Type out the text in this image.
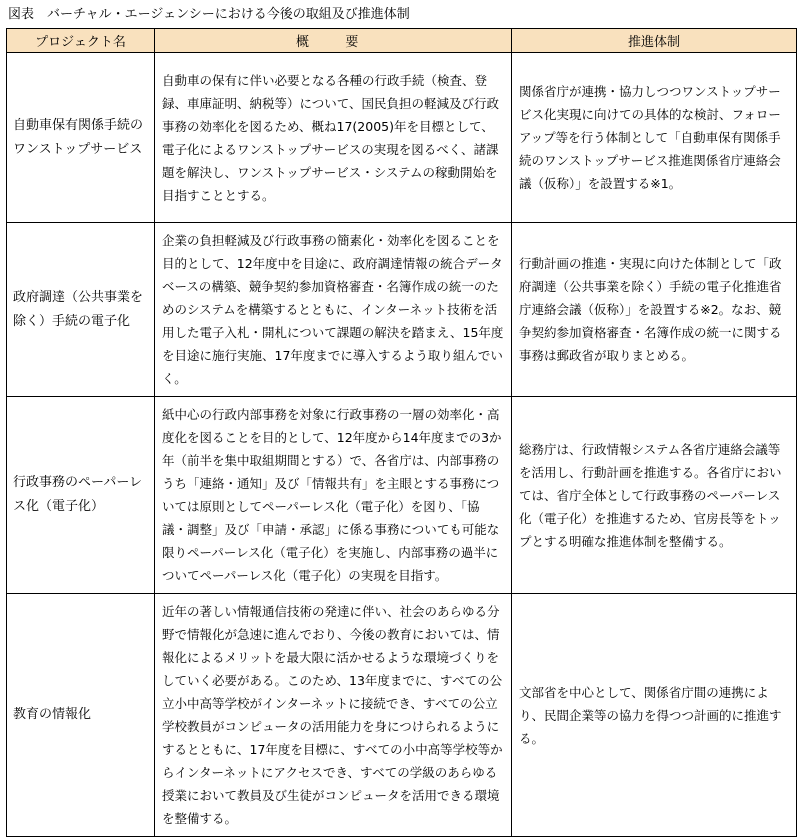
図表　バーチャル・エージェンシーにおける今後の取組及び推進体制
プロジェクト名	概　要	推進体制
自動車保有関係手続のワンストップサービス	自動車の保有に伴い必要となる各種の行政手続（検査、登録、車庫証明、納税等）について、国民負担の軽減及び行政事務の効率化を図るため、概ね17(2005)年を目標として、電子化によるワンストップサービスの実現を図るべく、諸課題を解決し、ワンストップサービス・システムの稼動開始を目指すこととする。	関係省庁が連携・協力しつつワンストップサービス化実現に向けての具体的な検討、フォローアップ等を行う体制として「自動車保有関係手続のワンストップサービス推進関係省庁連絡会議（仮称）」を設置する※1。
政府調達（公共事業を除く）手続の電子化	企業の負担軽減及び行政事務の簡素化・効率化を図ることを目的として、12年度中を目途に、政府調達情報の統合データベースの構築、競争契約参加資格審査・名簿作成の統一のためのシステムを構築するとともに、インターネット技術を活用した電子入札・開札について課題の解決を踏まえ、15年度を目途に施行実施、17年度までに導入するよう取り組んでいく。	行動計画の推進・実現に向けた体制として「政府調達（公共事業を除く）手続の電子化推進省庁連絡会議（仮称）」を設置する※2。なお、競争契約参加資格審査・名簿作成の統一に関する事務は郵政省が取りまとめる。
行政事務のペーパーレス化（電子化）	紙中心の行政内部事務を対象に行政事務の一層の効率化・高度化を図ることを目的として、12年度から14年度までの3か年（前半を集中取組期間とする）で、各省庁は、内部事務のうち「連絡・通知」及び「情報共有」を主眼とする事務については原則としてペーパーレス化（電子化）を図り、「協議・調整」及び「申請・承認」に係る事務についても可能な限りペーパーレス化（電子化）を実施し、内部事務の過半についてペーパーレス化（電子化）の実現を目指す。	総務庁は、行政情報システム各省庁連絡会議等を活用し、行動計画を推進する。各省庁においては、省庁全体として行政事務のペーパーレス化（電子化）を推進するため、官房長等をトップとする明確な推進体制を整備する。
教育の情報化	近年の著しい情報通信技術の発達に伴い、社会のあらゆる分野で情報化が急速に進んでおり、今後の教育においては、情報化によるメリットを最大限に活かせるような環境づくりをしていく必要がある。このため、13年度までに、すべての公立小中高等学校がインターネットに接続でき、すべての公立学校教員がコンピュータの活用能力を身につけられるようにするとともに、17年度を目標に、すべての小中高等学校等からインターネットにアクセスでき、すべての学級のあらゆる授業において教員及び生徒がコンピュータを活用できる環境を整備する。	文部省を中心として、関係省庁間の連携により、民間企業等の協力を得つつ計画的に推進する。
